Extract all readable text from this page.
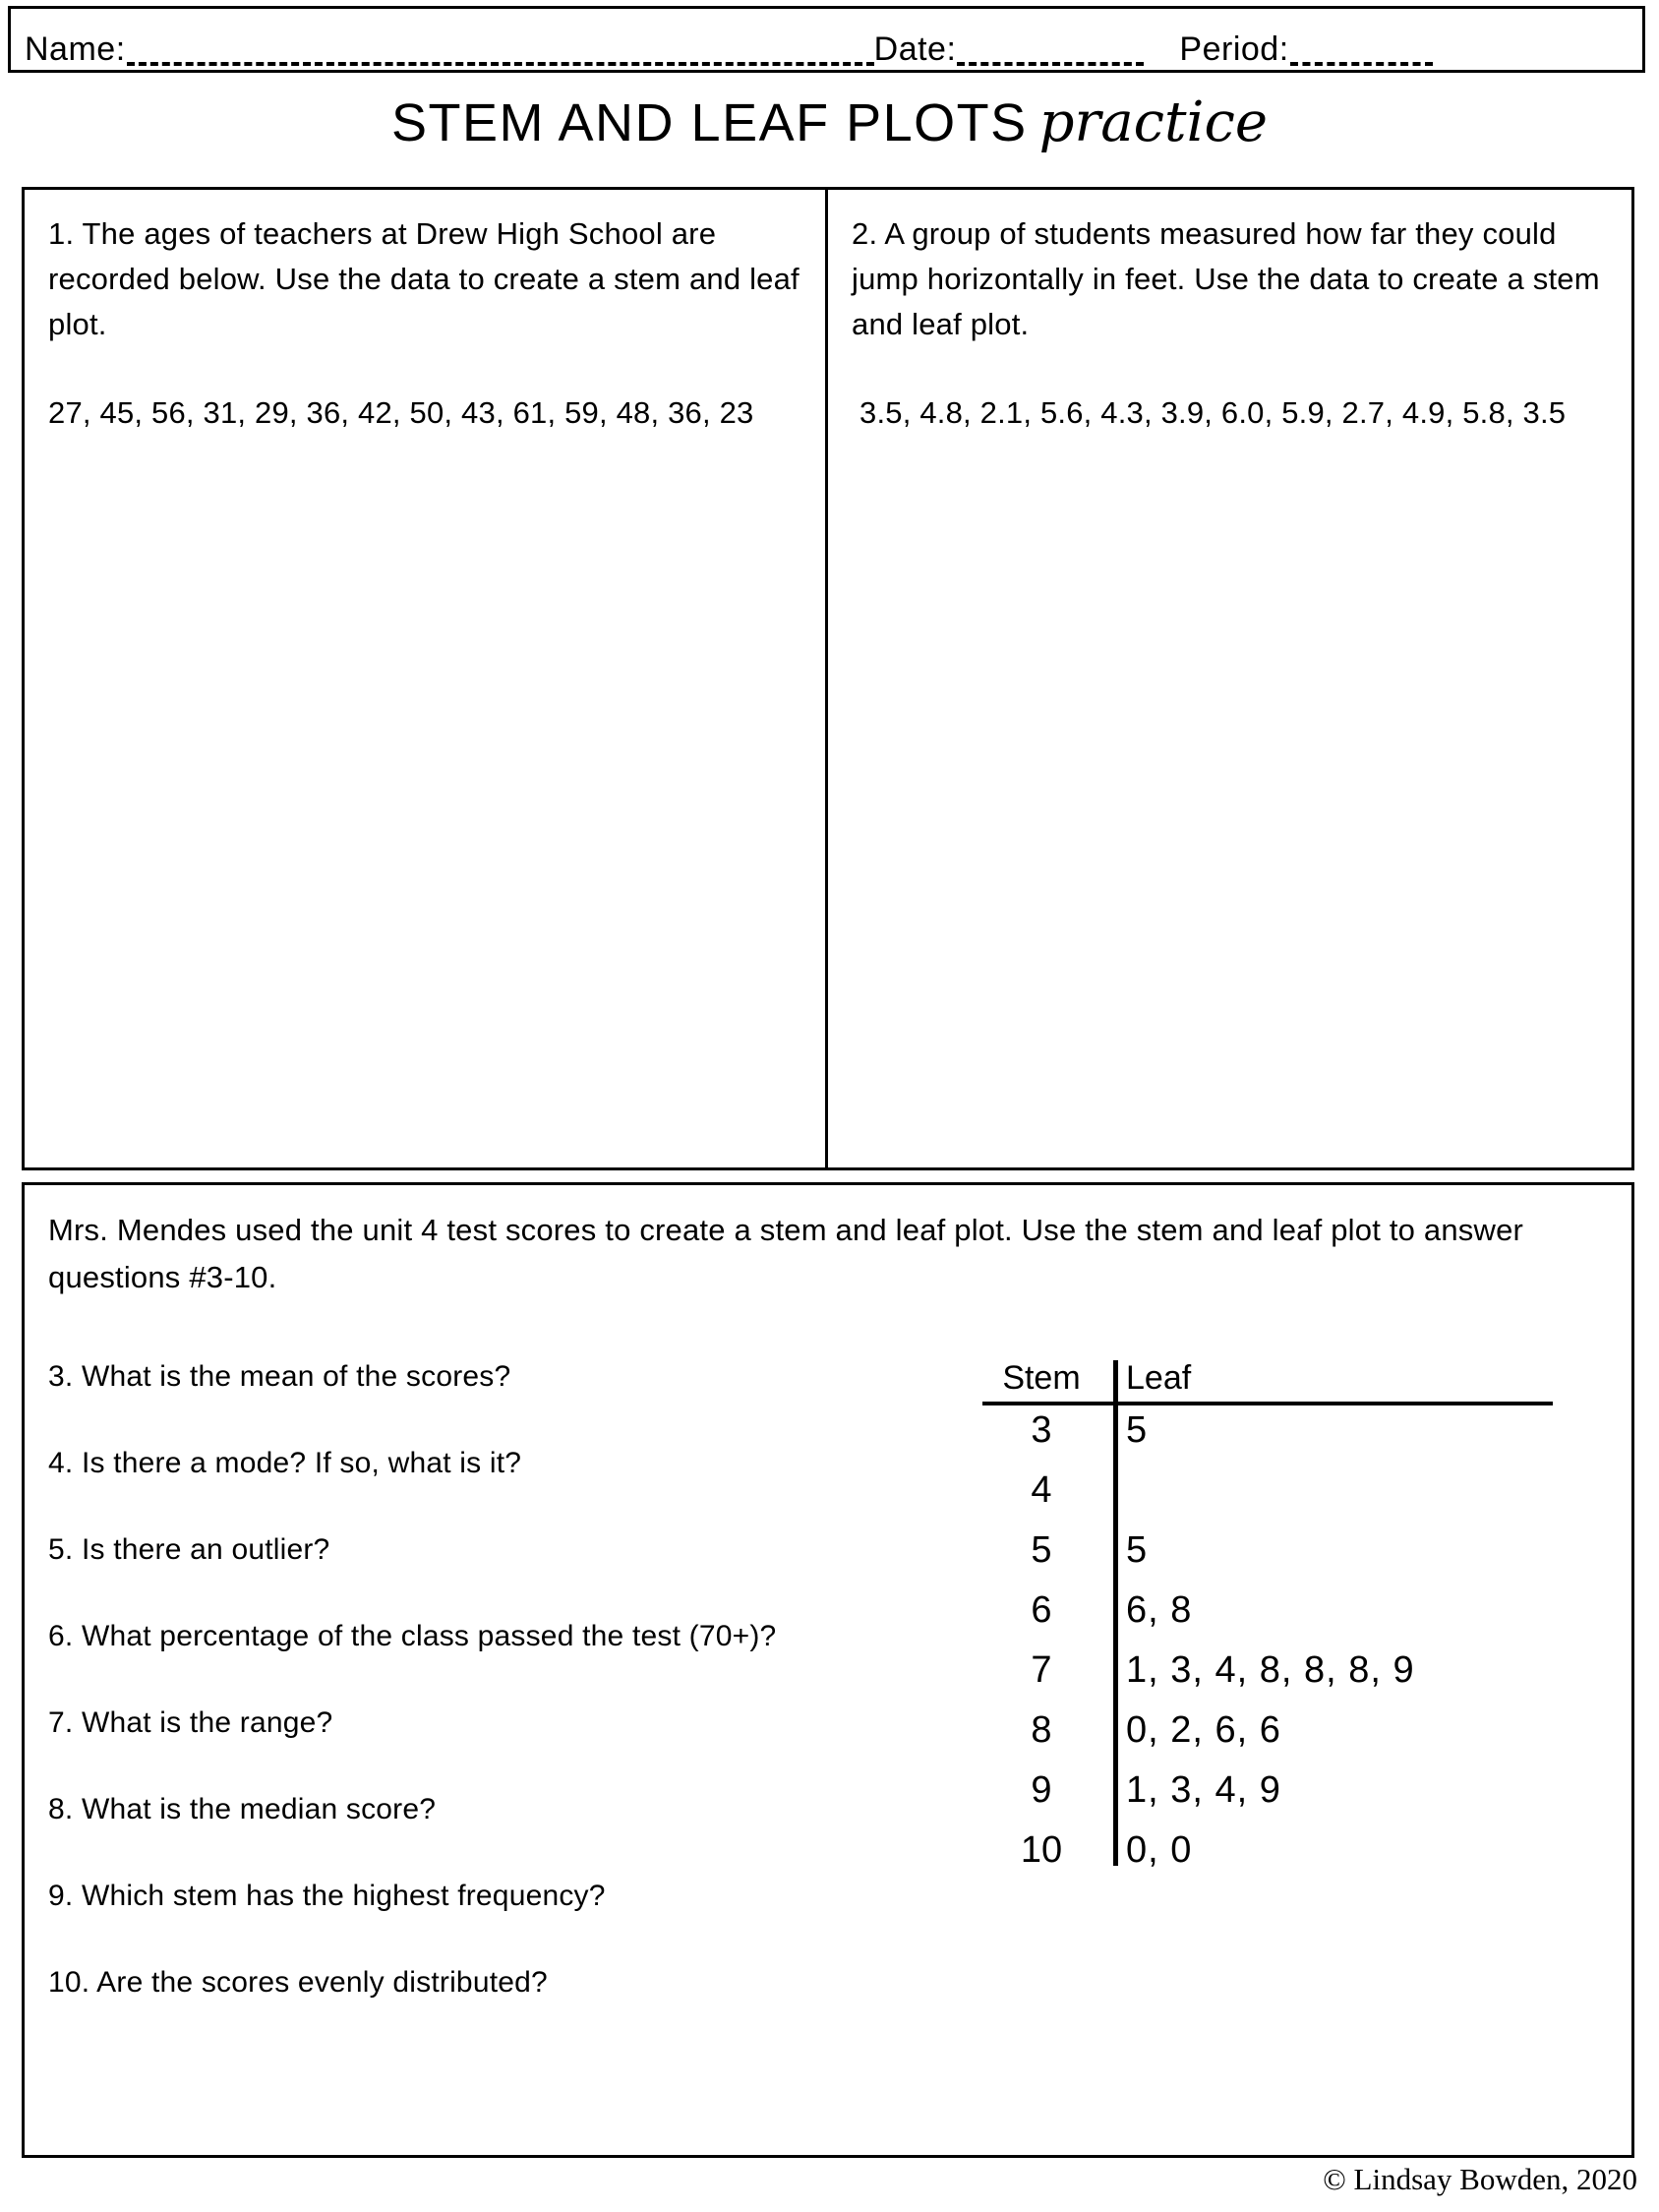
Name:	Date:	Period:
STEM AND LEAF PLOTS practice
1. The ages of teachers at Drew High School are recorded below. Use the data to create a stem and leaf plot.
27, 45, 56, 31, 29, 36, 42, 50, 43, 61, 59, 48, 36, 23
2. A group of students measured how far they could jump horizontally in feet. Use the data to create a stem and leaf plot.
3.5, 4.8, 2.1, 5.6, 4.3, 3.9, 6.0, 5.9, 2.7, 4.9, 5.8, 3.5
Mrs. Mendes used the unit 4 test scores to create a stem and leaf plot. Use the stem and leaf plot to answer questions #3-10.
3. What is the mean of the scores?
4. Is there a mode? If so, what is it?
5. Is there an outlier?
6. What percentage of the class passed the test (70+)?
7. What is the range?
8. What is the median score?
9. Which stem has the highest frequency?
10. Are the scores evenly distributed?
Stem	Leaf
3	5
4
5	5
6	6, 8
7	1, 3, 4, 8, 8, 8, 9
8	0, 2, 6, 6
9	1, 3, 4, 9
10	0, 0
© Lindsay Bowden, 2020
